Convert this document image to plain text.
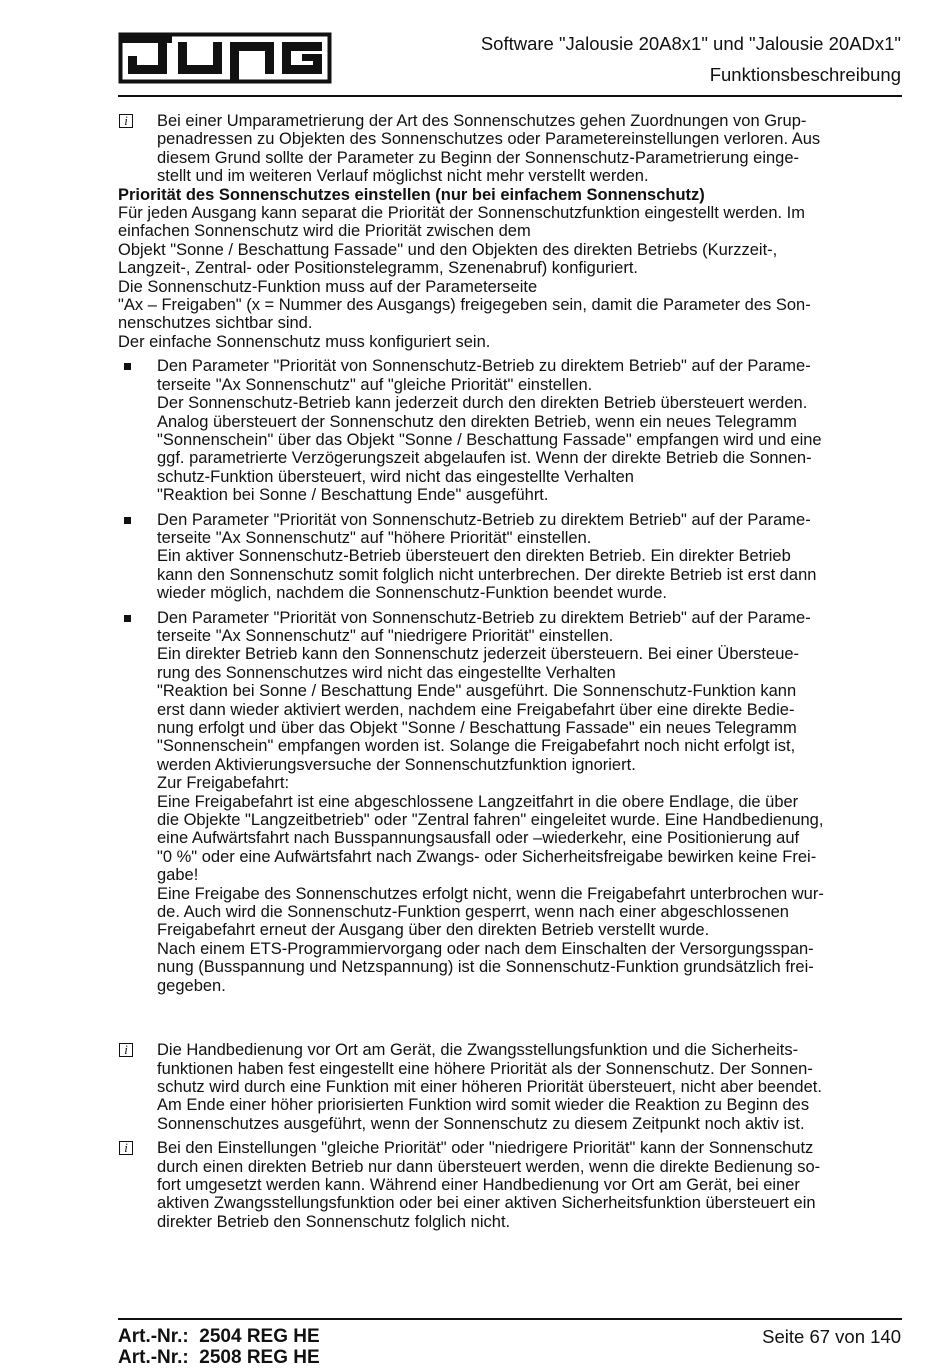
Software "Jalousie 20A8x1" und "Jalousie 20ADx1"
Funktionsbeschreibung
i	Bei einer Umparametrierung der Art des Sonnenschutzes gehen Zuordnungen von Grup-
penadressen zu Objekten des Sonnenschutzes oder Parametereinstellungen verloren. Aus
diesem Grund sollte der Parameter zu Beginn der Sonnenschutz-Parametrierung einge-
stellt und im weiteren Verlauf möglichst nicht mehr verstellt werden.

Priorität des Sonnenschutzes einstellen (nur bei einfachem Sonnenschutz)

Für jeden Ausgang kann separat die Priorität der Sonnenschutzfunktion eingestellt werden. Im
einfachen Sonnenschutz wird die Priorität zwischen dem
Objekt "Sonne / Beschattung Fassade" und den Objekten des direkten Betriebs (Kurzzeit-,
Langzeit-, Zentral- oder Positionstelegramm, Szenenabruf) konfiguriert.

Die Sonnenschutz-Funktion muss auf der Parameterseite
"Ax – Freigaben" (x = Nummer des Ausgangs) freigegeben sein, damit die Parameter des Son-
nenschutzes sichtbar sind.

Der einfache Sonnenschutz muss konfiguriert sein.

Den Parameter "Priorität von Sonnenschutz-Betrieb zu direktem Betrieb" auf der Parame-
terseite "Ax Sonnenschutz" auf "gleiche Priorität" einstellen.

Der Sonnenschutz-Betrieb kann jederzeit durch den direkten Betrieb übersteuert werden.
Analog übersteuert der Sonnenschutz den direkten Betrieb, wenn ein neues Telegramm
"Sonnenschein" über das Objekt "Sonne / Beschattung Fassade" empfangen wird und eine
ggf. parametrierte Verzögerungszeit abgelaufen ist. Wenn der direkte Betrieb die Sonnen-
schutz-Funktion übersteuert, wird nicht das eingestellte Verhalten
"Reaktion bei Sonne / Beschattung Ende" ausgeführt.

Den Parameter "Priorität von Sonnenschutz-Betrieb zu direktem Betrieb" auf der Parame-
terseite "Ax Sonnenschutz" auf "höhere Priorität" einstellen.

Ein aktiver Sonnenschutz-Betrieb übersteuert den direkten Betrieb. Ein direkter Betrieb
kann den Sonnenschutz somit folglich nicht unterbrechen. Der direkte Betrieb ist erst dann
wieder möglich, nachdem die Sonnenschutz-Funktion beendet wurde.

Den Parameter "Priorität von Sonnenschutz-Betrieb zu direktem Betrieb" auf der Parame-
terseite "Ax Sonnenschutz" auf "niedrigere Priorität" einstellen.

Ein direkter Betrieb kann den Sonnenschutz jederzeit übersteuern. Bei einer Übersteue-
rung des Sonnenschutzes wird nicht das eingestellte Verhalten
"Reaktion bei Sonne / Beschattung Ende" ausgeführt. Die Sonnenschutz-Funktion kann
erst dann wieder aktiviert werden, nachdem eine Freigabefahrt über eine direkte Bedie-
nung erfolgt und über das Objekt "Sonne / Beschattung Fassade" ein neues Telegramm
"Sonnenschein" empfangen worden ist. Solange die Freigabefahrt noch nicht erfolgt ist,
werden Aktivierungsversuche der Sonnenschutzfunktion ignoriert.
Zur Freigabefahrt:
Eine Freigabefahrt ist eine abgeschlossene Langzeitfahrt in die obere Endlage, die über
die Objekte "Langzeitbetrieb" oder "Zentral fahren" eingeleitet wurde. Eine Handbedienung,
eine Aufwärtsfahrt nach Busspannungsausfall oder –wiederkehr, eine Positionierung auf
"0 %" oder eine Aufwärtsfahrt nach Zwangs- oder Sicherheitsfreigabe bewirken keine Frei-
gabe!
Eine Freigabe des Sonnenschutzes erfolgt nicht, wenn die Freigabefahrt unterbrochen wur-
de. Auch wird die Sonnenschutz-Funktion gesperrt, wenn nach einer abgeschlossenen
Freigabefahrt erneut der Ausgang über den direkten Betrieb verstellt wurde.
Nach einem ETS-Programmiervorgang oder nach dem Einschalten der Versorgungsspan-
nung (Busspannung und Netzspannung) ist die Sonnenschutz-Funktion grundsätzlich frei-
gegeben.

i	Die Handbedienung vor Ort am Gerät, die Zwangsstellungsfunktion und die Sicherheits-
funktionen haben fest eingestellt eine höhere Priorität als der Sonnenschutz. Der Sonnen-
schutz wird durch eine Funktion mit einer höheren Priorität übersteuert, nicht aber beendet.
Am Ende einer höher priorisierten Funktion wird somit wieder die Reaktion zu Beginn des
Sonnenschutzes ausgeführt, wenn der Sonnenschutz zu diesem Zeitpunkt noch aktiv ist.

i	Bei den Einstellungen "gleiche Priorität" oder "niedrigere Priorität" kann der Sonnenschutz
durch einen direkten Betrieb nur dann übersteuert werden, wenn die direkte Bedienung so-
fort umgesetzt werden kann. Während einer Handbedienung vor Ort am Gerät, bei einer
aktiven Zwangsstellungsfunktion oder bei einer aktiven Sicherheitsfunktion übersteuert ein
direkter Betrieb den Sonnenschutz folglich nicht.

Art.-Nr.:  2504 REG HE
Art.-Nr.:  2508 REG HE
Seite 67 von 140
